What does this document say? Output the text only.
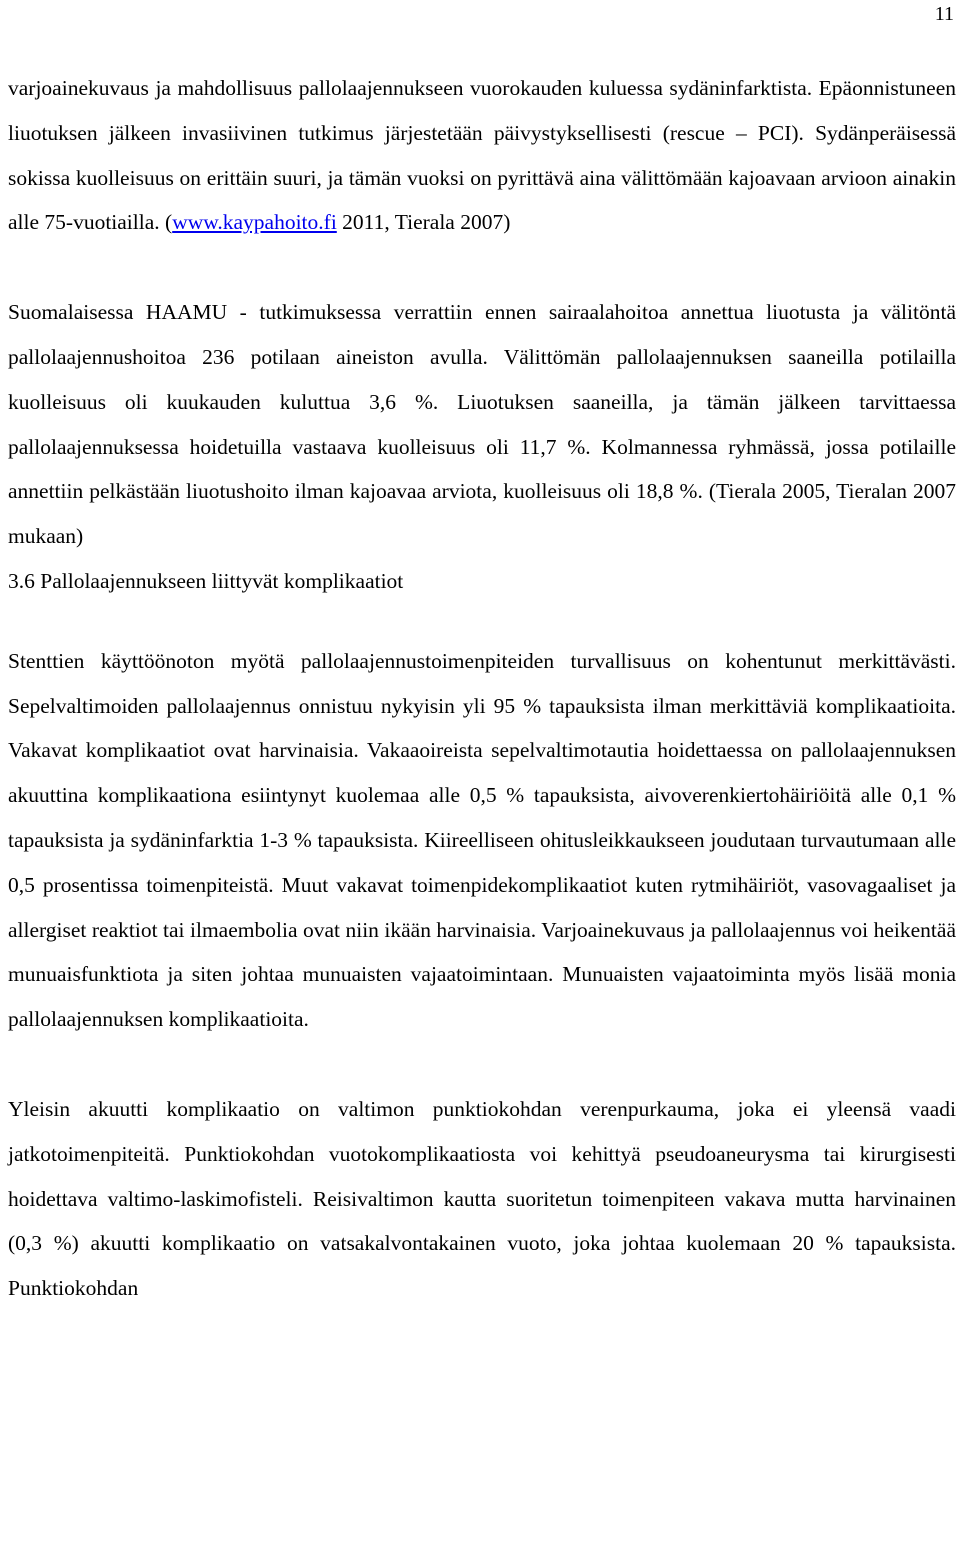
11

varjoainekuvaus ja mahdollisuus pallolaajennukseen vuorokauden kuluessa sydäninfarktista. Epäonnistuneen liuotuksen jälkeen invasiivinen tutkimus järjestetään päivystyksellisesti (rescue – PCI). Sydänperäisessä sokissa kuolleisuus on erittäin suuri, ja tämän vuoksi on pyrittävä aina välittömään kajoavaan arvioon ainakin alle 75-vuotiailla. (www.kaypahoito.fi 2011, Tierala 2007)

Suomalaisessa HAAMU - tutkimuksessa verrattiin ennen sairaalahoitoa annettua liuotusta ja välitöntä pallolaajennushoitoa 236 potilaan aineiston avulla. Välittömän pallolaajennuksen saaneilla potilailla kuolleisuus oli kuukauden kuluttua 3,6 %. Liuotuksen saaneilla, ja tämän jälkeen tarvittaessa pallolaajennuksessa hoidetuilla vastaava kuolleisuus oli 11,7 %. Kolmannessa ryhmässä, jossa potilaille annettiin pelkästään liuotushoito ilman kajoavaa arviota, kuolleisuus oli 18,8 %. (Tierala 2005, Tieralan 2007 mukaan)

3.6 Pallolaajennukseen liittyvät komplikaatiot

Stenttien käyttöönoton myötä pallolaajennustoimenpiteiden turvallisuus on kohentunut merkittävästi. Sepelvaltimoiden pallolaajennus onnistuu nykyisin yli 95 % tapauksista ilman merkittäviä komplikaatioita. Vakavat komplikaatiot ovat harvinaisia. Vakaaoireista sepelvaltimotautia hoidettaessa on pallolaajennuksen akuuttina komplikaationa esiintynyt kuolemaa alle 0,5 % tapauksista, aivoverenkiertohäiriöitä alle 0,1 % tapauksista ja sydäninfarktia 1-3 % tapauksista. Kiireelliseen ohitusleikkaukseen joudutaan turvautumaan alle 0,5 prosentissa toimenpiteistä. Muut vakavat toimenpidekomplikaatiot kuten rytmihäiriöt, vasovagaaliset ja allergiset reaktiot tai ilmaembolia ovat niin ikään harvinaisia. Varjoainekuvaus ja pallolaajennus voi heikentää munuaisfunktiota ja siten johtaa munuaisten vajaatoimintaan. Munuaisten vajaatoiminta myös lisää monia pallolaajennuksen komplikaatioita.

Yleisin akuutti komplikaatio on valtimon punktiokohdan verenpurkauma, joka ei yleensä vaadi jatkotoimenpiteitä. Punktiokohdan vuotokomplikaatiosta voi kehittyä pseudoaneurysma tai kirurgisesti hoidettava valtimo-laskimofisteli. Reisivaltimon kautta suoritetun toimenpiteen vakava mutta harvinainen (0,3 %) akuutti komplikaatio on vatsakalvontakainen vuoto, joka johtaa kuolemaan 20 % tapauksista. Punktiokohdan
